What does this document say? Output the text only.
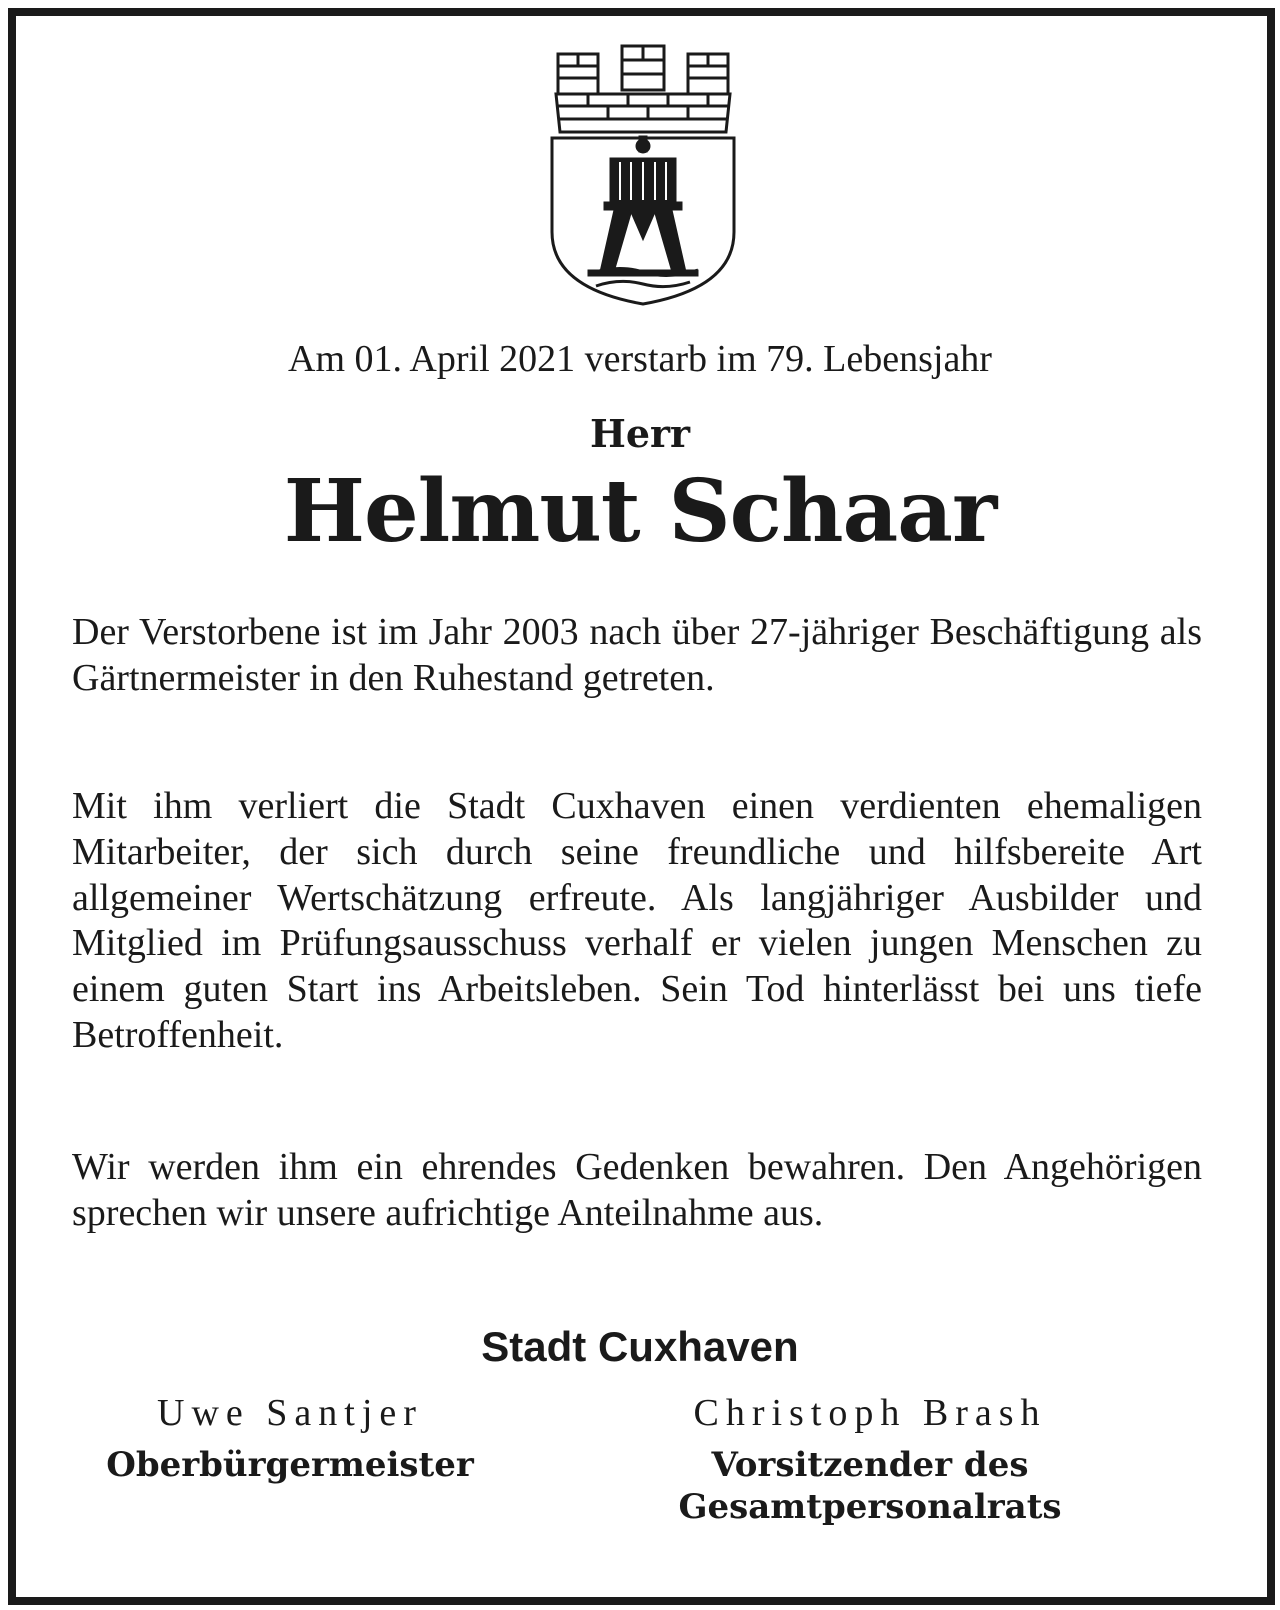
Am 01. April 2021 verstarb im 79. Lebensjahr
Herr
Helmut Schaar
Der Verstorbene ist im Jahr 2003 nach über 27-jähriger Beschäftigung als Gärtnermeister in den Ruhestand getreten.
Mit ihm verliert die Stadt Cuxhaven einen verdienten ehemaligen Mitarbeiter, der sich durch seine freundliche und hilfsbereite Art allgemeiner Wertschätzung erfreute. Als langjähriger Ausbilder und Mitglied im Prüfungsausschuss verhalf er vielen jungen Menschen zu einem guten Start ins Arbeitsleben. Sein Tod hinterlässt bei uns tiefe Betroffenheit.
Wir werden ihm ein ehrendes Gedenken bewahren. Den Angehörigen sprechen wir unsere aufrichtige Anteilnahme aus.
Stadt Cuxhaven
Uwe Santjer
Oberbürgermeister
Christoph Brash
Vorsitzender des Gesamtpersonalrats
